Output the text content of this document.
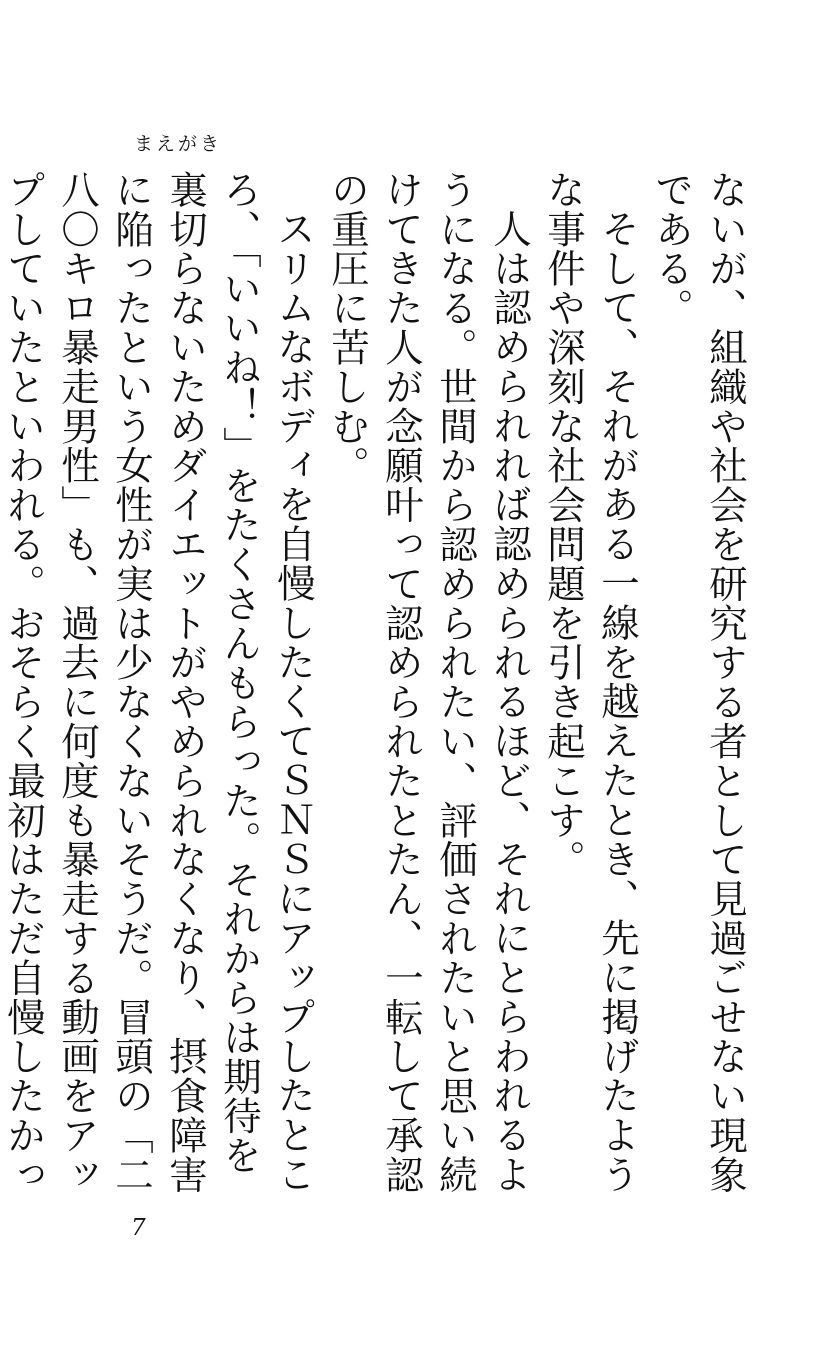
まえがき

ないが、組織や社会を研究する者として見過ごせない現象である。

そして、それがある一線を越えたとき、先に掲げたような事件や深刻な社会問題を引き起こす。

人は認められれば認められるほど、それにとらわれるようになる。世間から認められたい、評価されたいと思い続けてきた人が念願叶って認められたとたん、一転して承認の重圧に苦しむ。

スリムなボディを自慢したくてＳＮＳにアップしたところ、「いいね！」をたくさんもらった。それからは期待を裏切らないためダイエットがやめられなくなり、摂食障害に陥ったという女性が実は少なくないそうだ。冒頭の「二八〇キロ暴走男性」も、過去に何度も暴走する動画をアップしていたといわれる。おそらく最初はただ自慢したかっ

7
